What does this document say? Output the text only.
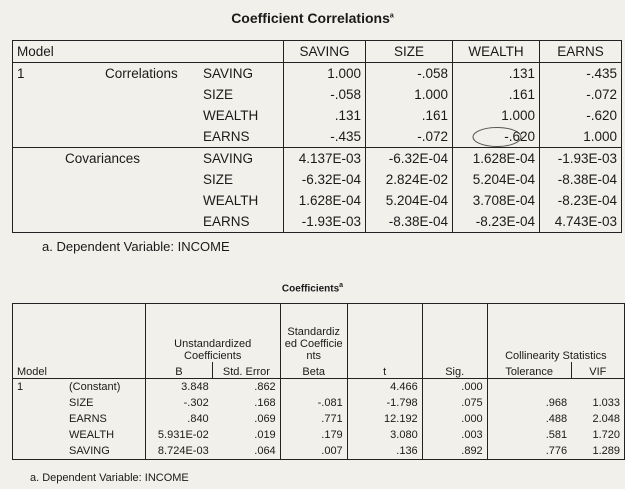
Coefficient Correlations$^a$
Model			SAVING	SIZE	WEALTH	EARNS
1	Correlations	SAVING	1.000	-.058	.131	-.435
		SIZE	-.058	1.000	.161	-.072
		WEALTH	.131	.161	1.000	-.620
		EARNS	-.435	-.072	-.620	1.000
	Covariances	SAVING	4.137E-03	-6.32E-04	1.628E-04	-1.93E-03
		SIZE	-6.32E-04	2.824E-02	5.204E-04	-8.38E-04
		WEALTH	1.628E-04	5.204E-04	3.708E-04	-8.23E-04
		EARNS	-1.93E-03	-8.38E-04	-8.23E-04	4.743E-03
a. Dependent Variable: INCOME
Coefficients$^a$
Model		Unstandardized Coefficients		Standardized Coefficients	t	Sig.	Collinearity Statistics	
		B	Std. Error	Beta			Tolerance	VIF
1	(Constant)	3.848	.862		4.466	.000		
	SIZE	-.302	.168	-.081	-1.798	.075	.968	1.033
	EARNS	.840	.069	.771	12.192	.000	.488	2.048
	WEALTH	5.931E-02	.019	.179	3.080	.003	.581	1.720
	SAVING	8.724E-03	.064	.007	.136	.892	.776	1.289
a. Dependent Variable: INCOME
